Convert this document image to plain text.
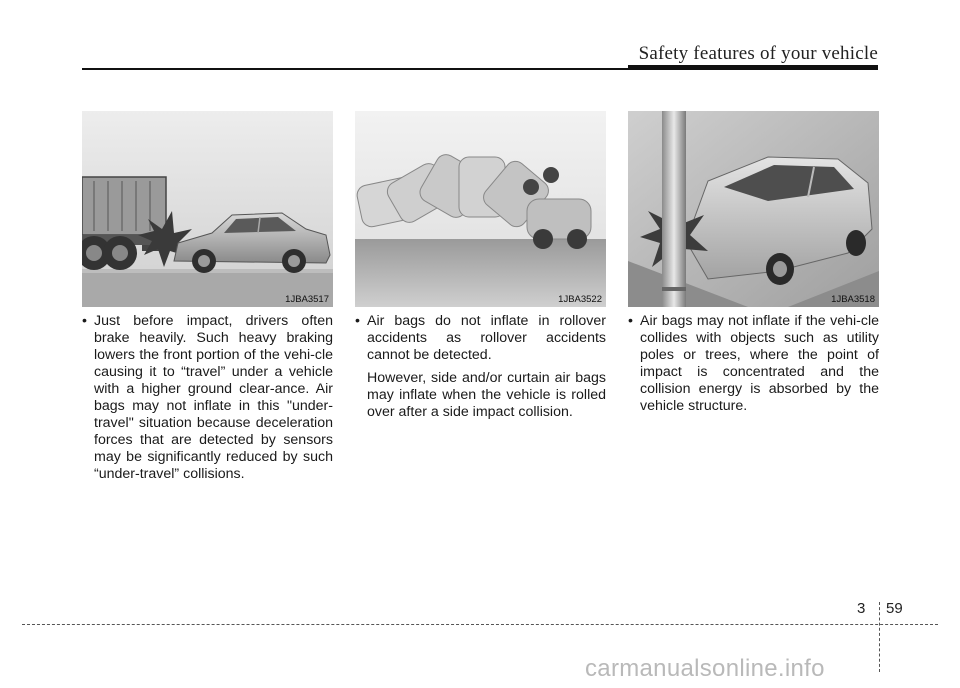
Safety features of your vehicle
1JBA3517	1JBA3522	1JBA3518

• Just before impact, drivers often brake heavily. Such heavy braking lowers the front portion of the vehi-cle causing it to “travel” under a vehicle with a higher ground clear-ance. Air bags may not inflate in this "under-travel" situation because deceleration forces that are detected by sensors may be significantly reduced by such “under-travel” collisions.

• Air bags do not inflate in rollover accidents as rollover accidents cannot be detected.

However, side and/or curtain air bags may inflate when the vehicle is rolled over after a side impact collision.

• Air bags may not inflate if the vehi-cle collides with objects such as utility poles or trees, where the point of impact is concentrated and the collision energy is absorbed by the vehicle structure.

3 59
carmanualsonline.info
